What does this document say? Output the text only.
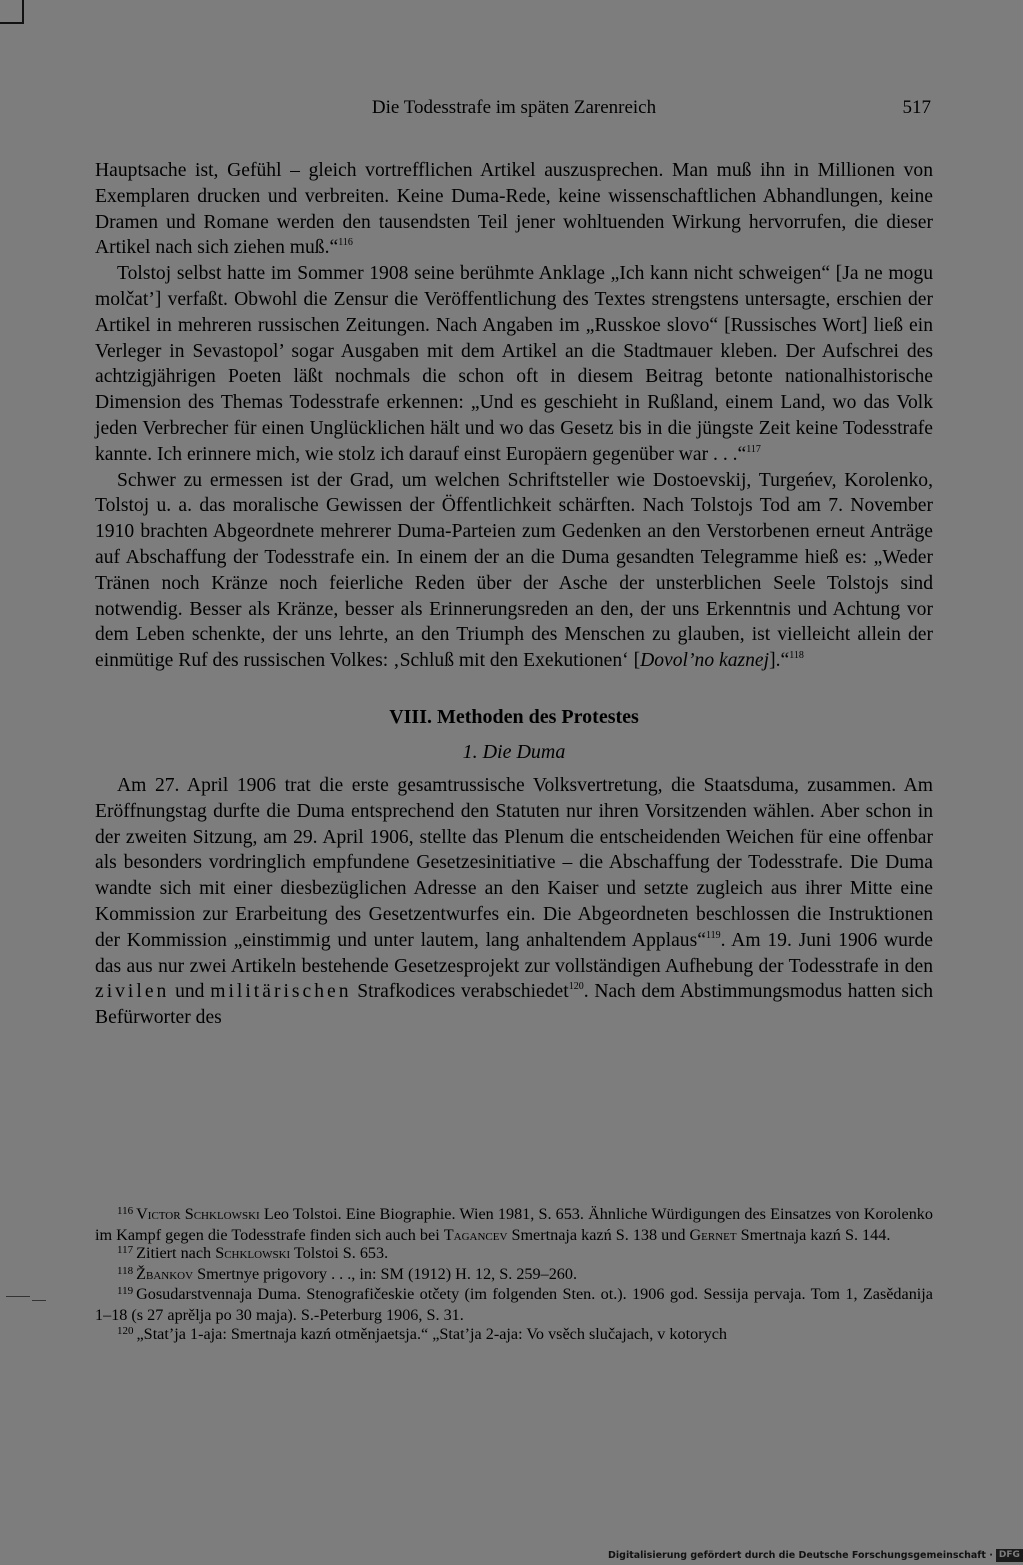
Die Todesstrafe im späten Zarenreich	517

Hauptsache ist, Gefühl – gleich vortrefflichen Artikel auszusprechen. Man muß ihn in Millionen von Exemplaren drucken und verbreiten. Keine Duma-Rede, keine wissenschaftlichen Abhandlungen, keine Dramen und Romane werden den tausendsten Teil jener wohltuenden Wirkung hervorrufen, die dieser Artikel nach sich ziehen muß.“$^{116}$

Tolstoj selbst hatte im Sommer 1908 seine berühmte Anklage „Ich kann nicht schweigen“ [Ja ne mogu molčat’] verfaßt. Obwohl die Zensur die Veröffentlichung des Textes strengstens untersagte, erschien der Artikel in mehreren russischen Zeitungen. Nach Angaben im „Russkoe slovo“ [Russisches Wort] ließ ein Verleger in Sevastopol’ sogar Ausgaben mit dem Artikel an die Stadtmauer kleben. Der Aufschrei des achtzigjährigen Poeten läßt nochmals die schon oft in diesem Beitrag betonte nationalhistorische Dimension des Themas Todesstrafe erkennen: „Und es geschieht in Rußland, einem Land, wo das Volk jeden Verbrecher für einen Unglücklichen hält und wo das Gesetz bis in die jüngste Zeit keine Todesstrafe kannte. Ich erinnere mich, wie stolz ich darauf einst Europäern gegenüber war . . .“$^{117}$

Schwer zu ermessen ist der Grad, um welchen Schriftsteller wie Dostoevskij, Turgeńev, Korolenko, Tolstoj u. a. das moralische Gewissen der Öffentlichkeit schärften. Nach Tolstojs Tod am 7. November 1910 brachten Abgeordnete mehrerer Duma-Parteien zum Gedenken an den Verstorbenen erneut Anträge auf Abschaffung der Todesstrafe ein. In einem der an die Duma gesandten Telegramme hieß es: „Weder Tränen noch Kränze noch feierliche Reden über der Asche der unsterblichen Seele Tolstojs sind notwendig. Besser als Kränze, besser als Erinnerungsreden an den, der uns Erkenntnis und Achtung vor dem Leben schenkte, der uns lehrte, an den Triumph des Menschen zu glauben, ist vielleicht allein der einmütige Ruf des russischen Volkes: ‚Schluß mit den Exekutionen‘ [Dovol’no kaznej].“$^{118}$

VIII. Methoden des Protestes
1. Die Duma

Am 27. April 1906 trat die erste gesamtrussische Volksvertretung, die Staatsduma, zusammen. Am Eröffnungstag durfte die Duma entsprechend den Statuten nur ihren Vorsitzenden wählen. Aber schon in der zweiten Sitzung, am 29. April 1906, stellte das Plenum die entscheidenden Weichen für eine offenbar als besonders vordringlich empfundene Gesetzesinitiative – die Abschaffung der Todesstrafe. Die Duma wandte sich mit einer diesbezüglichen Adresse an den Kaiser und setzte zugleich aus ihrer Mitte eine Kommission zur Erarbeitung des Gesetzentwurfes ein. Die Abgeordneten beschlossen die Instruktionen der Kommission „einstimmig und unter lautem, lang anhaltendem Applaus“$^{119}$. Am 19. Juni 1906 wurde das aus nur zwei Artikeln bestehende Gesetzesprojekt zur vollständigen Aufhebung der Todesstrafe in den zivilen und militärischen Strafkodices verabschiedet$^{120}$. Nach dem Abstimmungsmodus hatten sich Befürworter des

$^{116}$ Victor Schklowski Leo Tolstoi. Eine Biographie. Wien 1981, S. 653. Ähnliche Würdigungen des Einsatzes von Korolenko im Kampf gegen die Todesstrafe finden sich auch bei Tagancev Smertnaja kazń S. 138 und Gernet Smertnaja kazń S. 144.

$^{117}$ Zitiert nach Schklowski Tolstoi S. 653.

$^{118}$ Žbankov Smertnye prigovory . . ., in: SM (1912) H. 12, S. 259–260.

$^{119}$ Gosudarstvennaja Duma. Stenografičeskie otčety (im folgenden Sten. ot.). 1906 god. Sessija pervaja. Tom 1, Zasědanija 1–18 (s 27 aprělja po 30 maja). S.-Peterburg 1906, S. 31.

$^{120}$ „Stat’ja 1-aja: Smertnaja kazń otměnjaetsja.“ „Stat’ja 2-aja: Vo vsěch slučajach, v kotorych

Digitalisierung gefördert durch die Deutsche Forschungsgemeinschaft · DFG
